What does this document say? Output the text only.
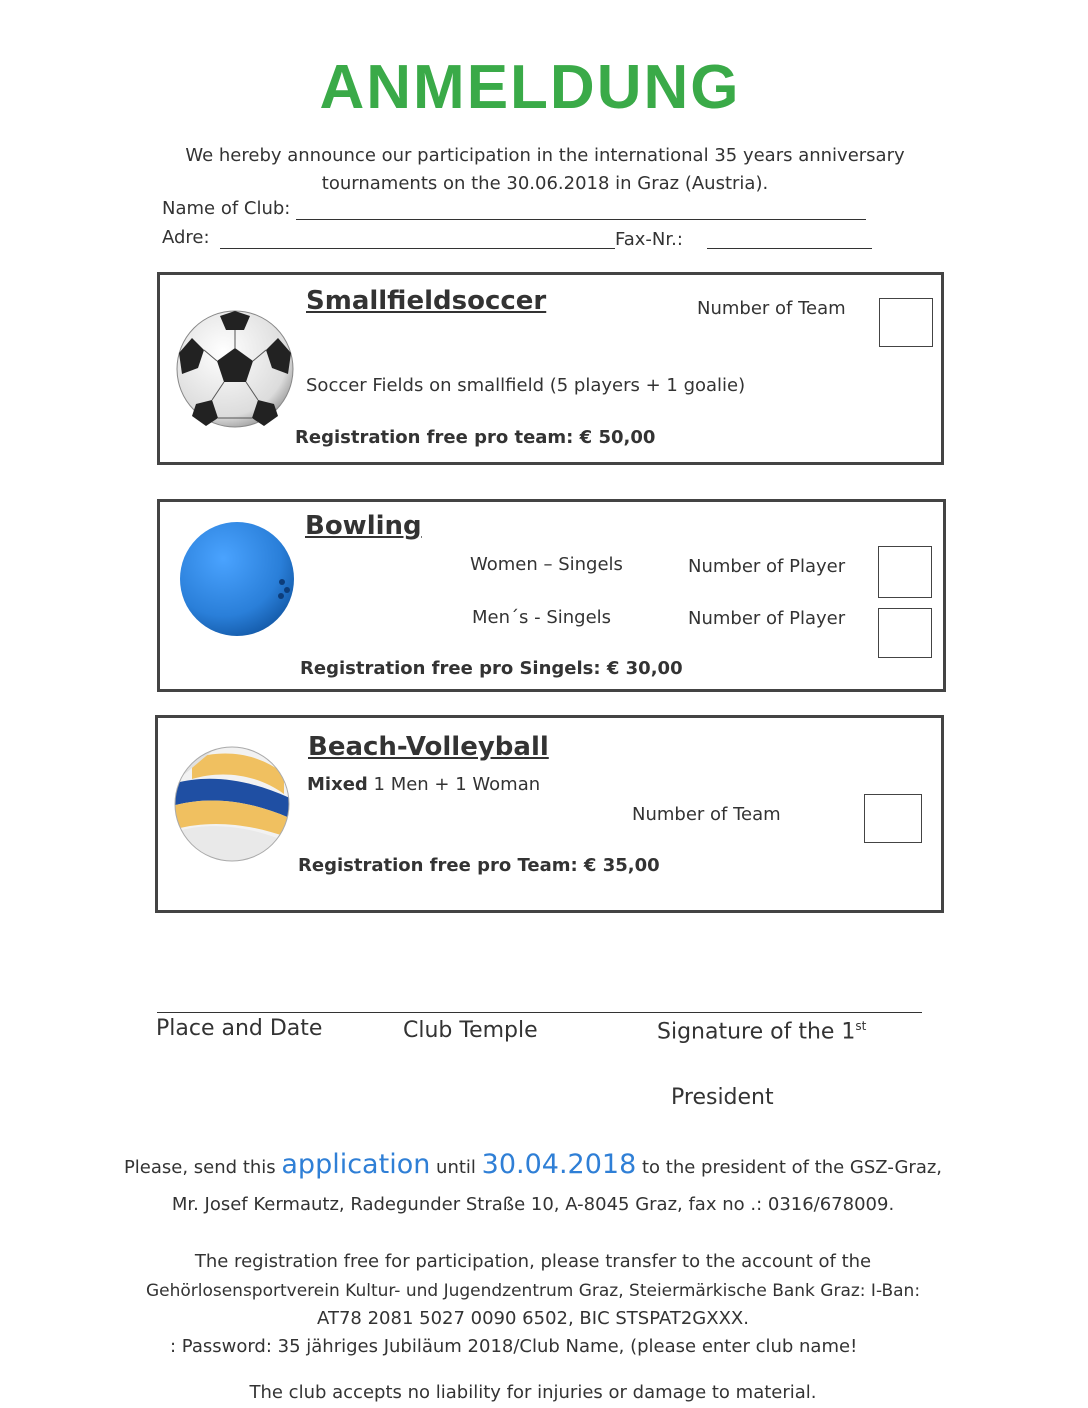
ANMELDUNG
We hereby announce our participation in the international 35 years anniversary
tournaments on the 30.06.2018 in Graz (Austria).
Name of Club:
Adre:	Fax-Nr.:
Smallfieldsoccer	Number of Team
Soccer Fields on smallfield (5 players + 1 goalie)
Registration free pro team: € 50,00
Bowling
Women – Singels	Number of Player
Men´s - Singels	Number of Player
Registration free pro Singels: € 30,00
Beach-Volleyball
Mixed 1 Men + 1 Woman
Number of Team
Registration free pro Team: € 35,00
Place and Date	Club Temple	Signature of the 1st
President
Please, send this application until 30.04.2018 to the president of the GSZ-Graz,
Mr. Josef Kermautz, Radegunder Straße 10, A-8045 Graz, fax no .: 0316/678009.
The registration free for participation, please transfer to the account of the
Gehörlosensportverein Kultur- und Jugendzentrum Graz, Steiermärkische Bank Graz: I-Ban:
AT78 2081 5027 0090 6502, BIC STSPAT2GXXX.
: Password: 35 jähriges Jubiläum 2018/Club Name, (please enter club name!
The club accepts no liability for injuries or damage to material.
